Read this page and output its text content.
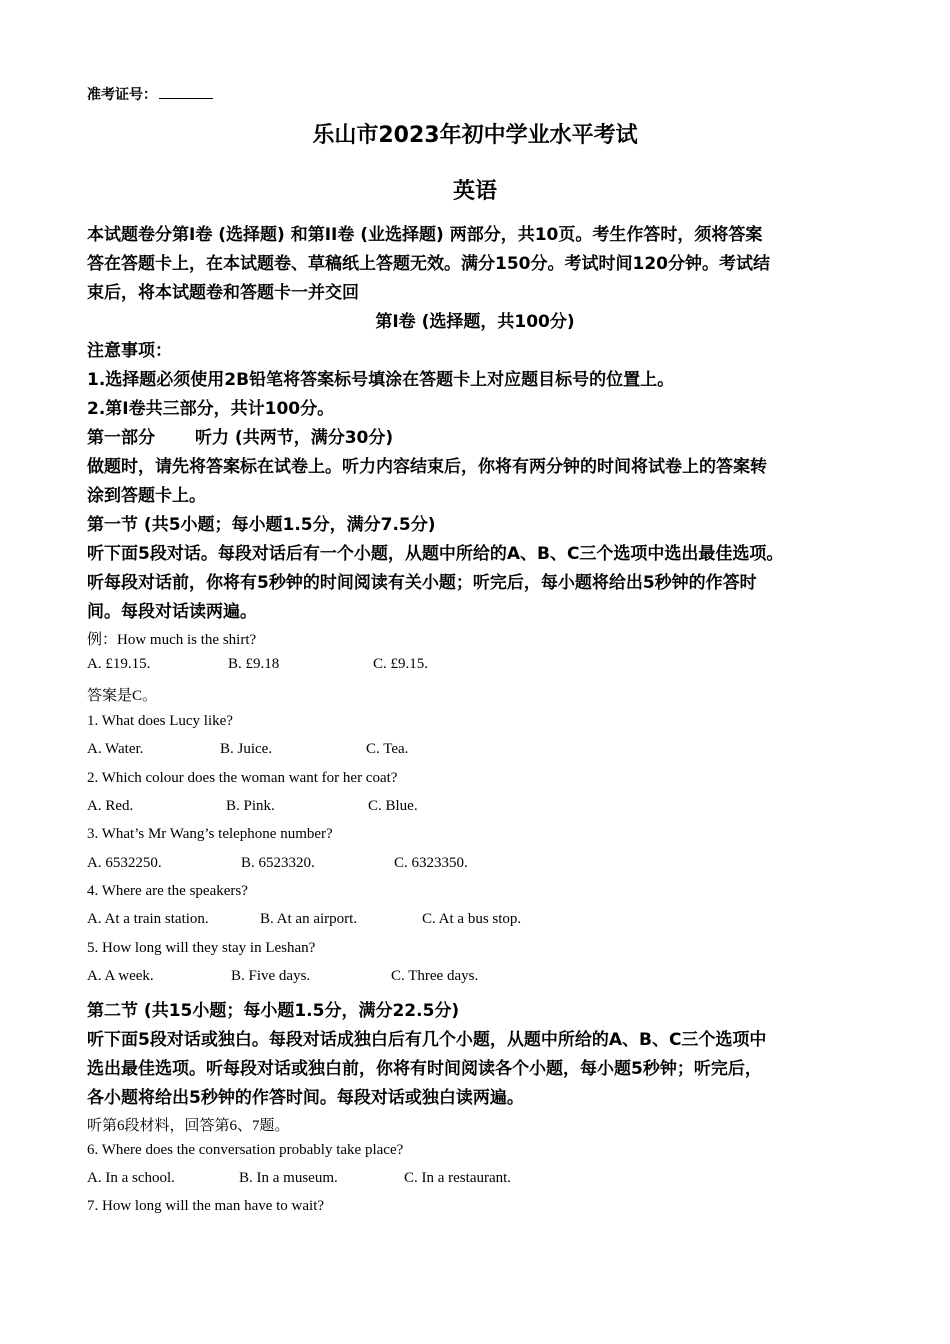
准考证号：
乐山市2023年初中学业水平考试
英语
本试题卷分第I卷 (选择题) 和第II卷 (业选择题) 两部分，共10页。考生作答时，须将答案
答在答题卡上，在本试题卷、草稿纸上答题无效。满分150分。考试时间120分钟。考试结
束后，将本试题卷和答题卡一并交回
第I卷 (选择题，共100分)
注意事项：
1.选择题必须使用2B铅笔将答案标号填涂在答题卡上对应题目标号的位置上。
2.第I卷共三部分，共计100分。
第一部分 听力 (共两节，满分30分)
做题时，请先将答案标在试卷上。听力内容结束后，你将有两分钟的时间将试卷上的答案转
涂到答题卡上。
第一节 (共5小题；每小题1.5分，满分7.5分)
听下面5段对话。每段对话后有一个小题，从题中所给的A、B、C三个选项中选出最佳选项。
听每段对话前，你将有5秒钟的时间阅读有关小题；听完后，每小题将给出5秒钟的作答时
间。每段对话读两遍。
例：How much is the shirt?
A. £19.15.	B. £9.18	C. £9.15.
答案是C。
1. What does Lucy like?
A. Water.	B. Juice.	C. Tea.
2. Which colour does the woman want for her coat?
A. Red.	B. Pink.	C. Blue.
3. What’s Mr Wang’s telephone number?
A. 6532250.	B. 6523320.	C. 6323350.
4. Where are the speakers?
A. At a train station.	B. At an airport.	C. At a bus stop.
5. How long will they stay in Leshan?
A. A week.	B. Five days.	C. Three days.
第二节 (共15小题；每小题1.5分，满分22.5分)
听下面5段对话或独白。每段对话成独白后有几个小题，从题中所给的A、B、C三个选项中
选出最佳选项。听每段对话或独白前，你将有时间阅读各个小题，每小题5秒钟；听完后，
各小题将给出5秒钟的作答时间。每段对话或独白读两遍。
听第6段材料，回答第6、7题。
6. Where does the conversation probably take place?
A. In a school.	B. In a museum.	C. In a restaurant.
7. How long will the man have to wait?
